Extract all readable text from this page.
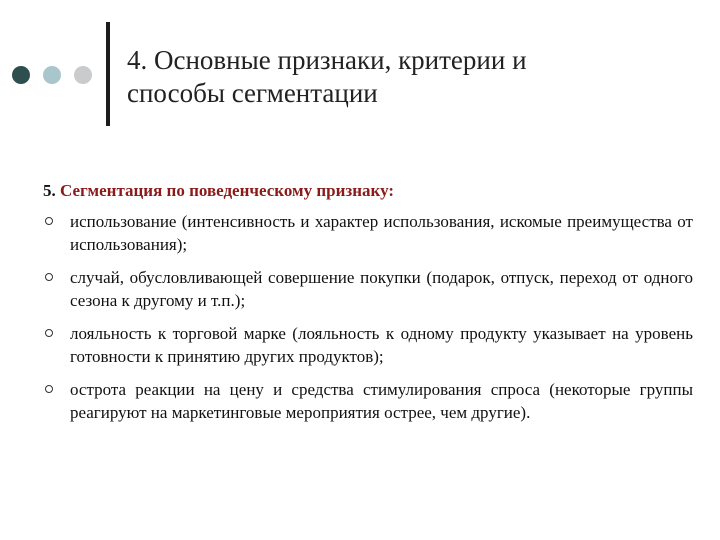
4. Основные признаки, критерии и
способы сегментации

5. Сегментация по поведенческому признаку:

использование (интенсивность и характер использования, искомые преимущества от использования);
случай, обусловливающей совершение покупки (подарок, отпуск, переход от одного сезона к другому и т.п.);
лояльность к торговой марке (лояльность к одному продукту указывает на уровень готовности к принятию других продуктов);
острота реакции на цену и средства стимулирования спроса (некоторые группы реагируют на маркетинговые мероприятия острее, чем другие).
